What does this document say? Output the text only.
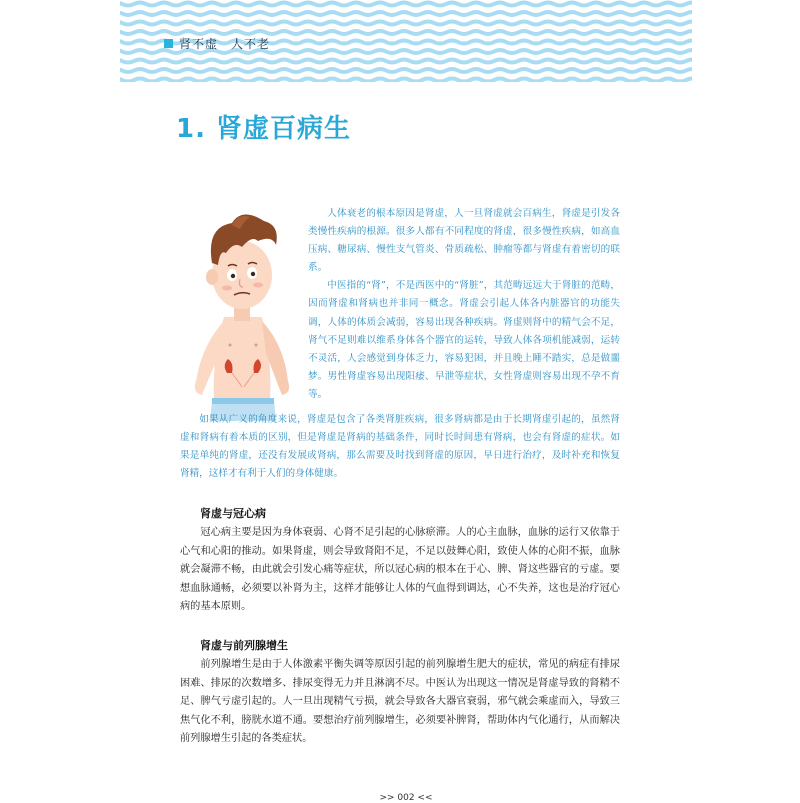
肾不虚　人不老
1. 肾虚百病生

人体衰老的根本原因是肾虚，人一旦肾虚就会百病生，肾虚是引发各类慢性疾病的根源。很多人都有不同程度的肾虚，很多慢性疾病，如高血压病、糖尿病、慢性支气管炎、骨质疏松、肿瘤等都与肾虚有着密切的联系。

中医指的“肾”，不是西医中的“肾脏”，其范畴远远大于肾脏的范畴，因而肾虚和肾病也并非同一概念。肾虚会引起人体各内脏器官的功能失调，人体的体质会减弱，容易出现各种疾病。肾虚则肾中的精气会不足，肾气不足则难以维系身体各个器官的运转，导致人体各项机能减弱，运转不灵活，人会感觉到身体乏力，容易犯困，并且晚上睡不踏实，总是做噩梦。男性肾虚容易出现阳痿、早泄等症状，女性肾虚则容易出现不孕不育等。

如果从广义的角度来说，肾虚是包含了各类肾脏疾病，很多肾病都是由于长期肾虚引起的，虽然肾虚和肾病有着本质的区别，但是肾虚是肾病的基础条件，同时长时间患有肾病，也会有肾虚的症状。如果是单纯的肾虚，还没有发展成肾病，那么需要及时找到肾虚的原因，早日进行治疗，及时补充和恢复肾精，这样才有利于人们的身体健康。

肾虚与冠心病

冠心病主要是因为身体衰弱、心肾不足引起的心脉瘀滞。人的心主血脉，血脉的运行又依靠于心气和心阳的推动。如果肾虚，则会导致肾阳不足，不足以鼓舞心阳，致使人体的心阳不振，血脉就会凝滞不畅，由此就会引发心痛等症状，所以冠心病的根本在于心、脾、肾这些器官的亏虚。要想血脉通畅，必须要以补肾为主，这样才能够让人体的气血得到调达，心不失养，这也是治疗冠心病的基本原则。

肾虚与前列腺增生

前列腺增生是由于人体激素平衡失调等原因引起的前列腺增生肥大的症状，常见的病症有排尿困难、排尿的次数增多、排尿变得无力并且淋漓不尽。中医认为出现这一情况是肾虚导致的肾精不足、脾气亏虚引起的。人一旦出现精气亏损，就会导致各大器官衰弱，邪气就会乘虚而入，导致三焦气化不利，膀胱水道不通。要想治疗前列腺增生，必须要补脾肾，帮助体内气化通行，从而解决前列腺增生引起的各类症状。

>> 002 <<
